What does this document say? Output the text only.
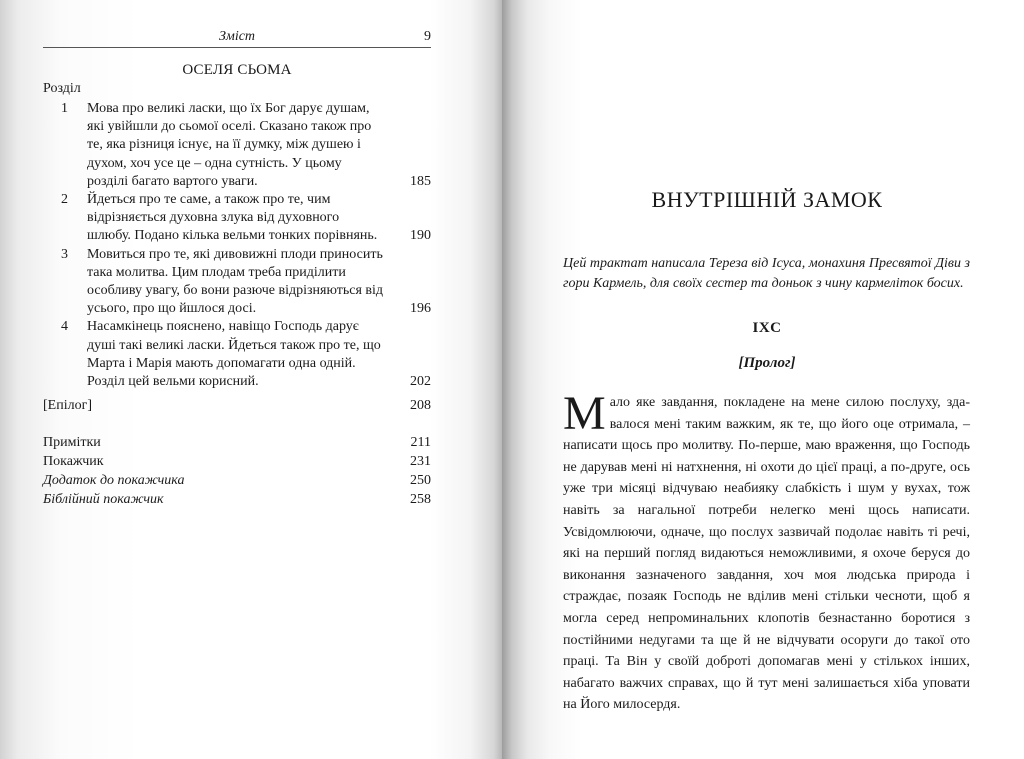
Зміст	9
ОСЕЛЯ СЬОМА
Розділ
1 Мова про великі ласки, що їх Бог дарує душам, які увійшли до сьомої оселі. Сказано також про те, яка різниця існує, на її думку, між душею і духом, хоч усе це – одна сутність. У цьому розділі багато вартого уваги.	185
2 Йдеться про те саме, а також про те, чим відрізняється духовна злука від духовного шлюбу. Подано кілька вельми тонких порівнянь.	190
3 Мовиться про те, які дивовижні плоди приносить така молитва. Цим плодам треба приділити особливу увагу, бо вони разюче відрізняються від усього, про що йшлося досі.	196
4 Насамкінець пояснено, навіщо Господь дарує душі такі великі ласки. Йдеться також про те, що Марта і Марія мають допомагати одна одній. Розділ цей вельми корисний.	202
[Епілог]	208
Примітки	211
Покажчик	231
Додаток до покажчика	250
Біблійний покажчик	258
ВНУТРІШНІЙ ЗАМОК
Цей трактат написала Тереза від Ісуса, монахиня Пресвятої Діви з гори Кармель, для своїх сестер та доньок з чину кармеліток босих.
IXC
[Пролог]
Мало яке завдання, покладене на мене силою послуху, здавалося мені таким важким, як те, що його оце отримала, – написати щось про молитву. По-перше, маю враження, що Господь не дарував мені ні натхнення, ні охоти до цієї праці, а по-друге, ось уже три місяці відчуваю неабияку слабкість і шум у вухах, тож навіть за нагальної потреби нелегко мені щось написати. Усвідомлюючи, одначе, що послух зазвичай подолає навіть ті речі, які на перший погляд видаються неможливими, я охоче беруся до виконання зазначеного завдання, хоч моя людська природа і страждає, позаяк Господь не вділив мені стільки чесноти, щоб я могла серед непроминальних клопотів безнастанно боротися з постійними недугами та ще й не відчувати осоруги до такої ото праці. Та Він у своїй доброті допомагав мені у стількох інших, набагато важчих справах, що й тут мені залишається хіба уповати на Його милосердя.
